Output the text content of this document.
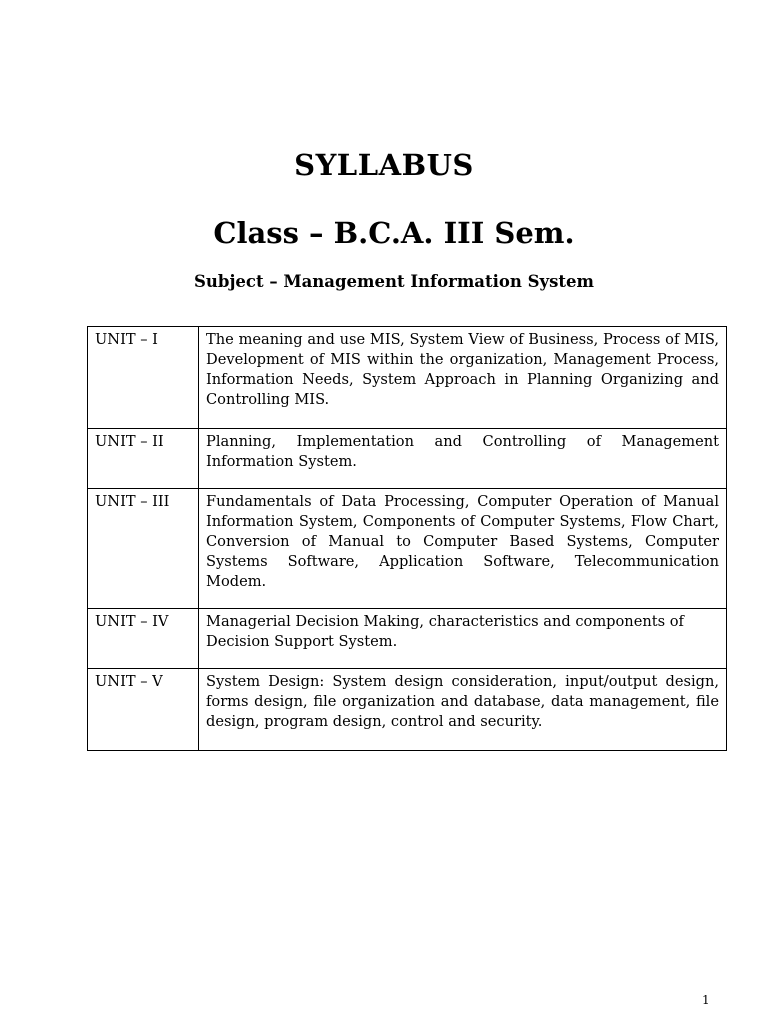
SYLLABUS
Class – B.C.A. III Sem.
Subject – Management Information System
UNIT – I	The meaning and use MIS, System View of Business, Process of MIS, Development of MIS within the organization, Management Process, Information Needs, System Approach in Planning Organizing and Controlling MIS.
UNIT – II	Planning, Implementation and Controlling of Management Information System.
UNIT – III	Fundamentals of Data Processing, Computer Operation of Manual Information System, Components of Computer Systems, Flow Chart, Conversion of Manual to Computer Based Systems, Computer Systems Software, Application Software, Telecommunication Modem.
UNIT – IV	Managerial Decision Making, characteristics and components of Decision Support System.
UNIT – V	System Design: System design consideration, input/output design, forms design, file organization and database, data management, file design, program design, control and security.
1
